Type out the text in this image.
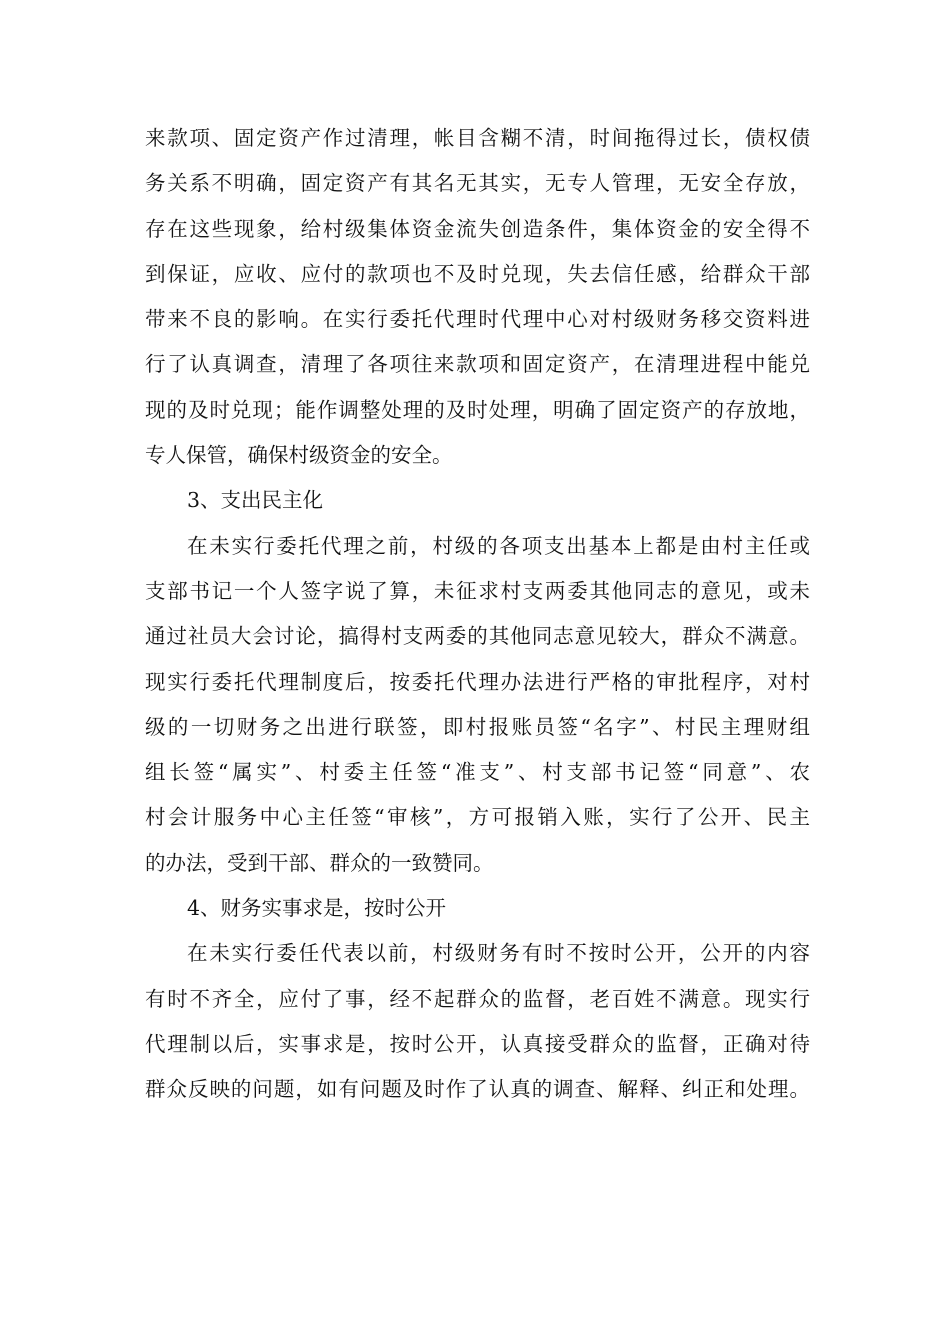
来款项、固定资产作过清理，帐目含糊不清，时间拖得过长，债权债
务关系不明确，固定资产有其名无其实，无专人管理，无安全存放，
存在这些现象，给村级集体资金流失创造条件，集体资金的安全得不
到保证，应收、应付的款项也不及时兑现，失去信任感，给群众干部
带来不良的影响。在实行委托代理时代理中心对村级财务移交资料进
行了认真调查，清理了各项往来款项和固定资产，在清理进程中能兑
现的及时兑现；能作调整处理的及时处理，明确了固定资产的存放地，
专人保管，确保村级资金的安全。
3、支出民主化
在未实行委托代理之前，村级的各项支出基本上都是由村主任或
支部书记一个人签字说了算，未征求村支两委其他同志的意见，或未
通过社员大会讨论，搞得村支两委的其他同志意见较大，群众不满意。
现实行委托代理制度后，按委托代理办法进行严格的审批程序，对村
级的一切财务之出进行联签，即村报账员签“名字”、村民主理财组
组长签“属实”、村委主任签“准支”、村支部书记签“同意”、农
村会计服务中心主任签“审核”，方可报销入账，实行了公开、民主
的办法，受到干部、群众的一致赞同。
4、财务实事求是，按时公开
在未实行委任代表以前，村级财务有时不按时公开，公开的内容
有时不齐全，应付了事，经不起群众的监督，老百姓不满意。现实行
代理制以后，实事求是，按时公开，认真接受群众的监督，正确对待
群众反映的问题，如有问题及时作了认真的调查、解释、纠正和处理。
